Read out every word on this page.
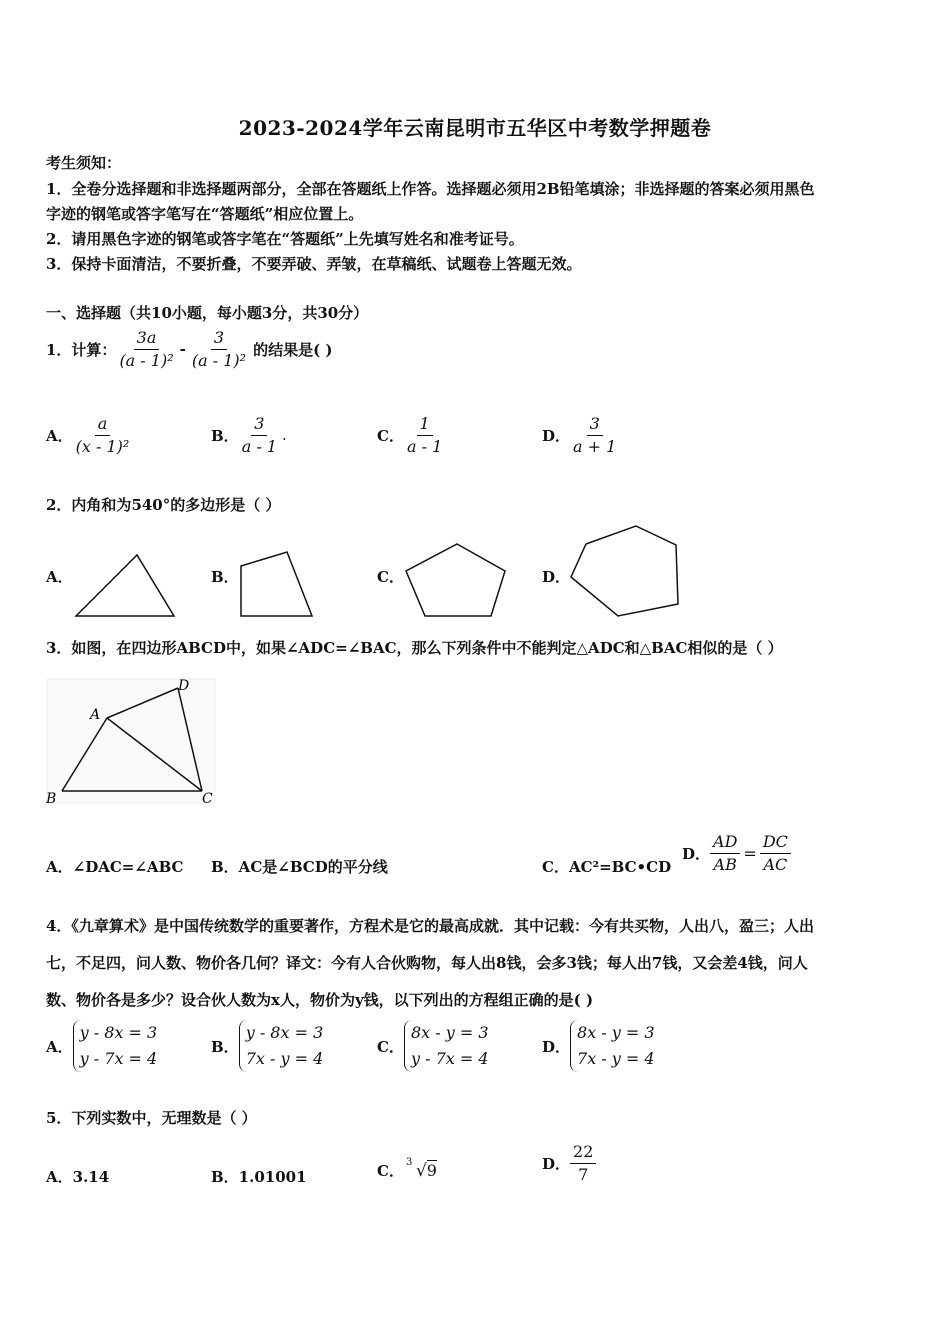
2023-2024学年云南昆明市五华区中考数学押题卷
考生须知：
1．全卷分选择题和非选择题两部分，全部在答题纸上作答。选择题必须用2B铅笔填涂；非选择题的答案必须用黑色
字迹的钢笔或答字笔写在“答题纸”相应位置上。
2．请用黑色字迹的钢笔或答字笔在“答题纸”上先填写姓名和准考证号。
3．保持卡面清洁，不要折叠，不要弄破、弄皱，在草稿纸、试题卷上答题无效。
一、选择题（共10小题，每小题3分，共30分）
1．计算： $\frac{3a}{\text{(a - 1)²}} - \frac{3}{\text{(a - 1)²}}$ 的结果是( )
A． $\frac{a}{\text{(x - 1)²}}$	B． $\frac{3}{a - 1}$ .	C． $\frac{1}{a - 1}$	D． $\frac{3}{a + 1}$
2．内角和为540°的多边形是（ ）
A．	B．	C．	D．
3．如图，在四边形ABCD中，如果∠ADC=∠BAC，那么下列条件中不能判定△ADC和△BAC相似的是（ ）
A
D
B	C
A．∠DAC=∠ABC B．AC是∠BCD的平分线	C．AC²=BC•CD
D． $\frac{AD}{AB} = \frac{DC}{AC}$
4．《九章算术》是中国传统数学的重要著作，方程术是它的最高成就．其中记载：今有共买物，人出八，盈三；人出
七，不足四，问人数、物价各几何？译文：今有人合伙购物，每人出8钱，会多3钱；每人出7钱，又会差4钱，问人
数、物价各是多少？设合伙人数为x人，物价为y钱，以下列出的方程组正确的是( )
A．
y - 8x = 3
y - 7x = 4
B．
y - 8x = 3
7x - y = 4
C．
8x - y = 3
y - 7x = 4
D．
8x - y = 3
7x - y = 4
5．下列实数中，无理数是（ ）
A．3.14	B．1.01001	C． 3 √9	D． $\frac{22}{7}$
